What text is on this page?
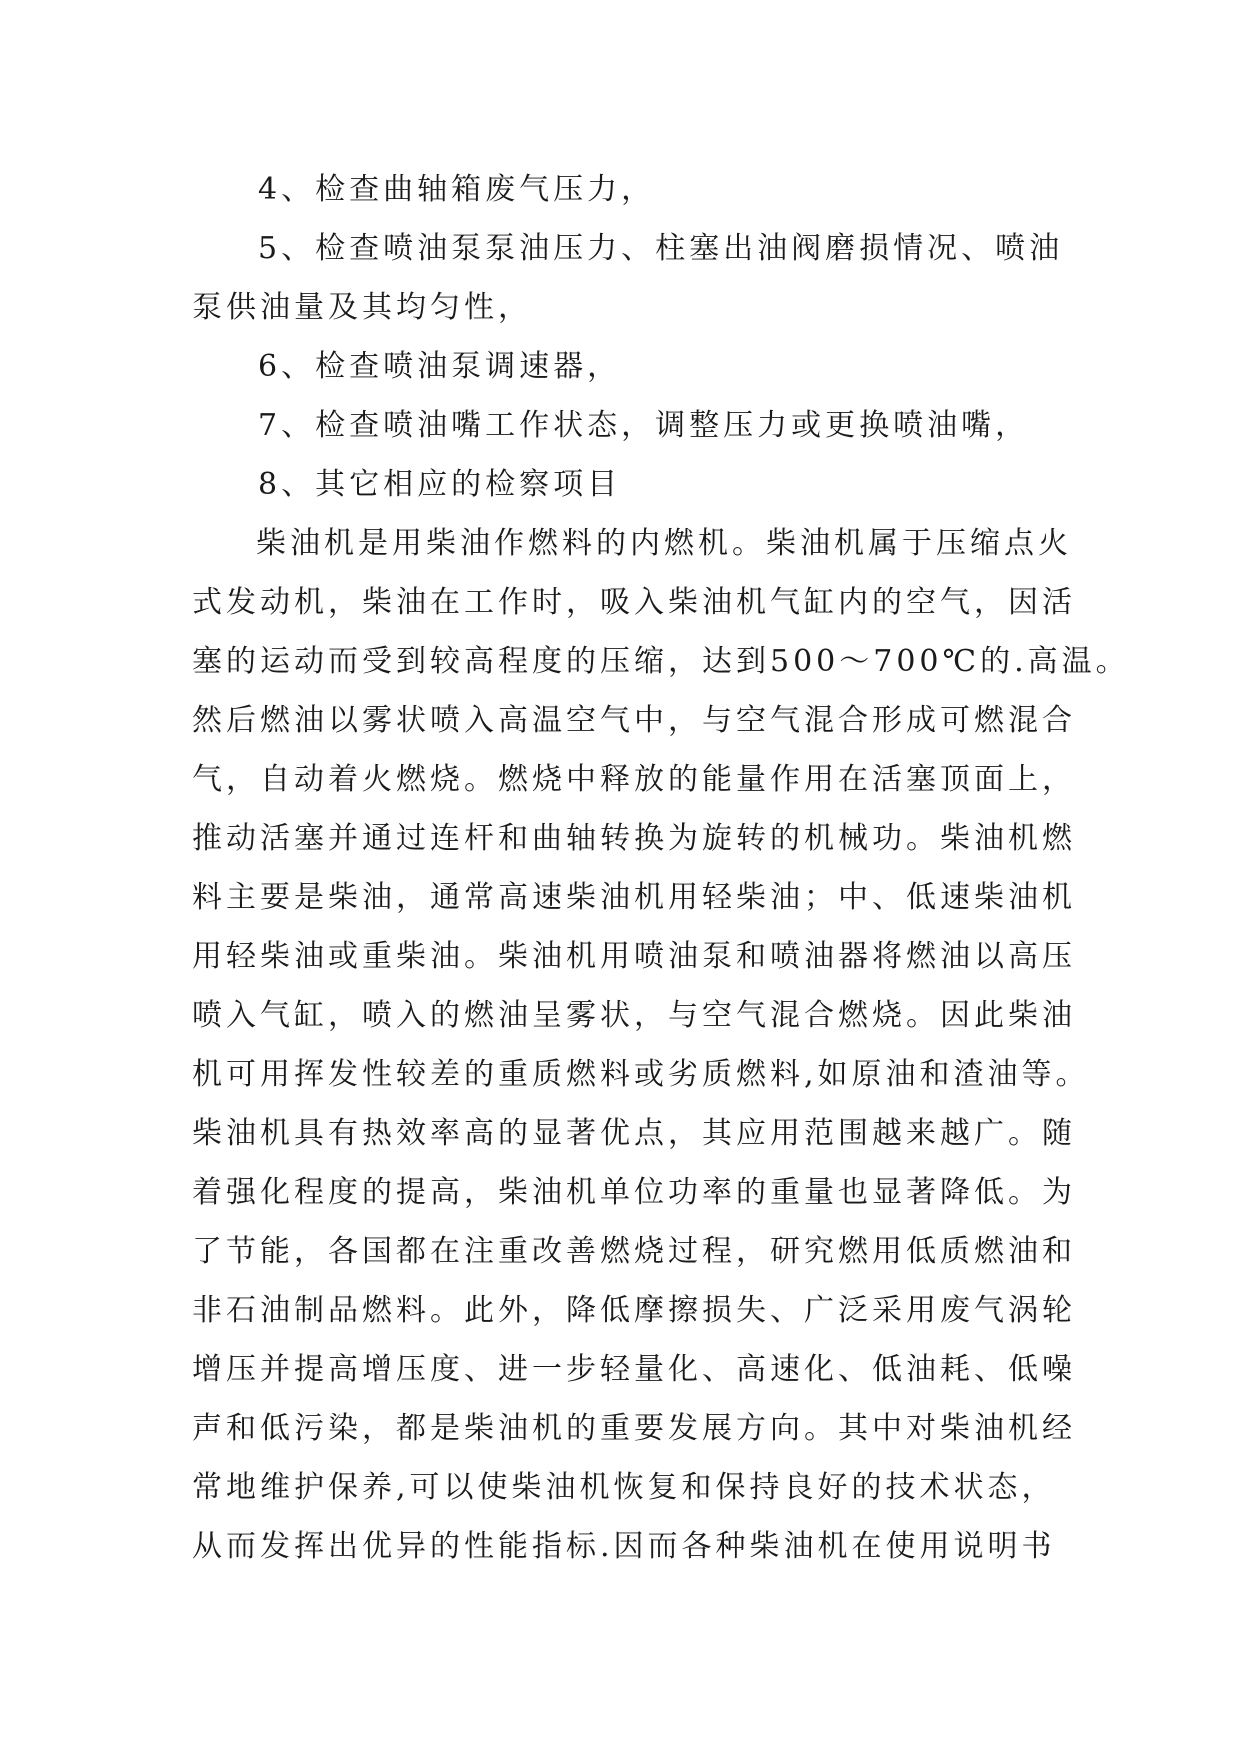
4、检查曲轴箱废气压力，
5、检查喷油泵泵油压力、柱塞出油阀磨损情况、喷油
泵供油量及其均匀性，
6、检查喷油泵调速器，
7、检查喷油嘴工作状态，调整压力或更换喷油嘴，
8、其它相应的检察项目
柴油机是用柴油作燃料的内燃机。柴油机属于压缩点火
式发动机，柴油在工作时，吸入柴油机气缸内的空气，因活
塞的运动而受到较高程度的压缩，达到500～700℃的.高温。
然后燃油以雾状喷入高温空气中，与空气混合形成可燃混合
气，自动着火燃烧。燃烧中释放的能量作用在活塞顶面上，
推动活塞并通过连杆和曲轴转换为旋转的机械功。柴油机燃
料主要是柴油，通常高速柴油机用轻柴油；中、低速柴油机
用轻柴油或重柴油。柴油机用喷油泵和喷油器将燃油以高压
喷入气缸，喷入的燃油呈雾状，与空气混合燃烧。因此柴油
机可用挥发性较差的重质燃料或劣质燃料,如原油和渣油等。
柴油机具有热效率高的显著优点，其应用范围越来越广。随
着强化程度的提高，柴油机单位功率的重量也显著降低。为
了节能，各国都在注重改善燃烧过程，研究燃用低质燃油和
非石油制品燃料。此外，降低摩擦损失、广泛采用废气涡轮
增压并提高增压度、进一步轻量化、高速化、低油耗、低噪
声和低污染，都是柴油机的重要发展方向。其中对柴油机经
常地维护保养,可以使柴油机恢复和保持良好的技术状态，
从而发挥出优异的性能指标.因而各种柴油机在使用说明书
